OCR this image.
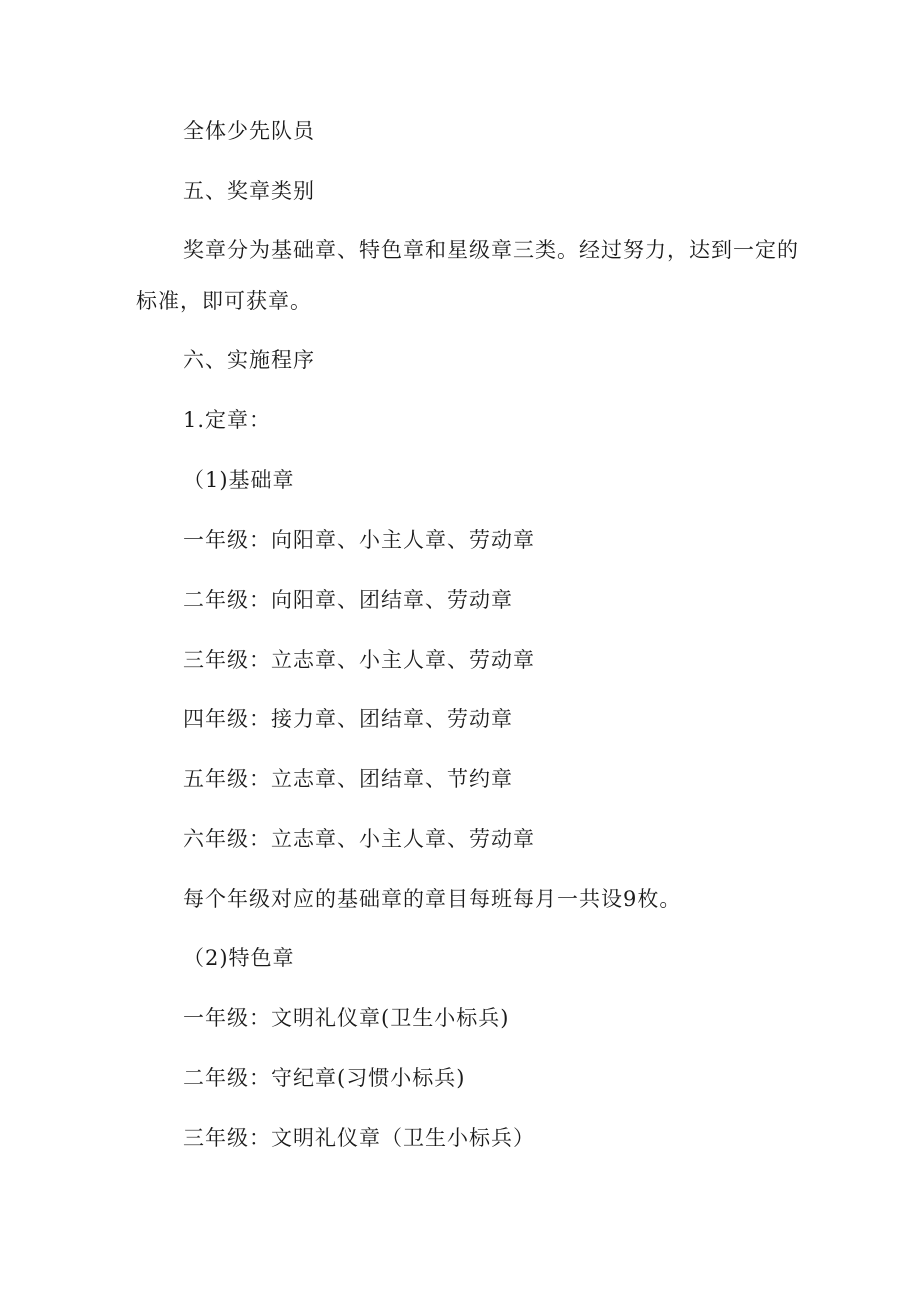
全体少先队员
五、奖章类别
奖章分为基础章、特色章和星级章三类。经过努力，达到一定的
标准，即可获章。
六、实施程序
1.定章：
（1)基础章
一年级：向阳章、小主人章、劳动章
二年级：向阳章、团结章、劳动章
三年级：立志章、小主人章、劳动章
四年级：接力章、团结章、劳动章
五年级：立志章、团结章、节约章
六年级：立志章、小主人章、劳动章
每个年级对应的基础章的章目每班每月一共设9枚。
（2)特色章
一年级：文明礼仪章(卫生小标兵)
二年级：守纪章(习惯小标兵)
三年级：文明礼仪章（卫生小标兵）
